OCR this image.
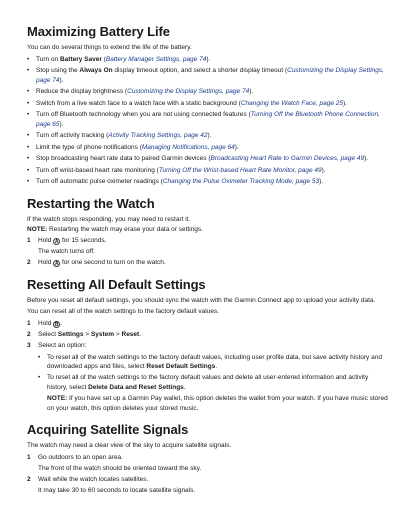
Maximizing Battery Life

You can do several things to extend the life of the battery.

• Turn on Battery Saver (Battery Manager Settings, page 74).
• Stop using the Always On display timeout option, and select a shorter display timeout (Customizing the Display Settings, page 74).
• Reduce the display brightness (Customizing the Display Settings, page 74).
• Switch from a live watch face to a watch face with a static background (Changing the Watch Face, page 25).
• Turn off Bluetooth technology when you are not using connected features (Turning Off the Bluetooth Phone Connection, page 65).
• Turn off activity tracking (Activity Tracking Settings, page 42).
• Limit the type of phone notifications (Managing Notifications, page 64).
• Stop broadcasting heart rate data to paired Garmin devices (Broadcasting Heart Rate to Garmin Devices, page 49).
• Turn off wrist-based heart rate monitoring (Turning Off the Wrist-based Heart Rate Monitor, page 49).
• Turn off automatic pulse oximeter readings (Changing the Pulse Oximeter Tracking Mode, page 53).
Restarting the Watch

If the watch stops responding, you may need to restart it.

NOTE: Restarting the watch may erase your data or settings.

1 Hold A for 15 seconds.
The watch turns off.
2 Hold A for one second to turn on the watch.
Resetting All Default Settings

Before you reset all default settings, you should sync the watch with the Garmin Connect app to upload your activity data.

You can reset all of the watch settings to the factory default values.

1 Hold B .
2 Select Settings > System > Reset.
3 Select an option:
• To reset all of the watch settings to the factory default values, including user profile data, but save activity history and downloaded apps and files, select Reset Default Settings.
• To reset all of the watch settings to the factory default values and delete all user-entered information and activity history, select Delete Data and Reset Settings.
NOTE: If you have set up a Garmin Pay wallet, this option deletes the wallet from your watch. If you have music stored on your watch, this option deletes your stored music.
Acquiring Satellite Signals

The watch may need a clear view of the sky to acquire satellite signals.

1 Go outdoors to an open area.
The front of the watch should be oriented toward the sky.
2 Wait while the watch locates satellites.
It may take 30 to 60 seconds to locate satellite signals.
